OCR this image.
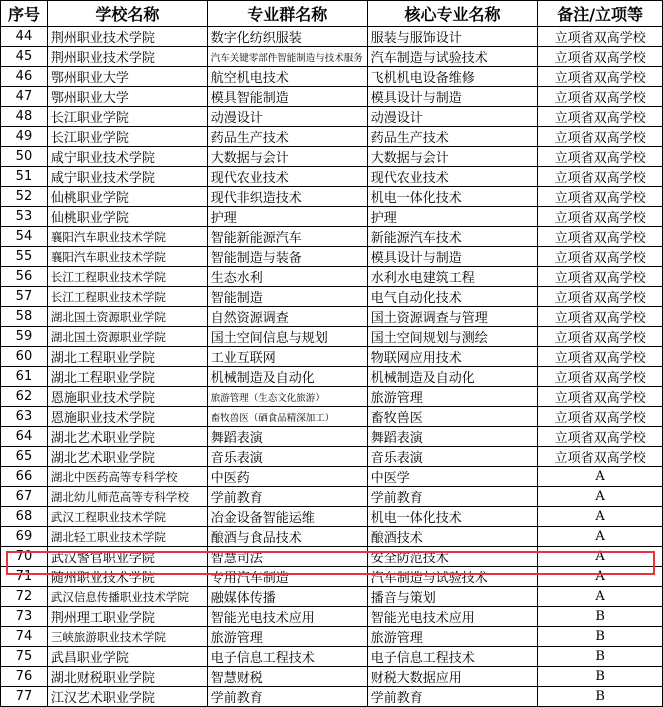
序号	学校名称	专业群名称	核心专业名称	备注/立项等
44	荆州职业技术学院	数字化纺织服装	服装与服饰设计	立项省双高学校
45	荆州职业技术学院	汽车关键零部件智能制造与技术服务	汽车制造与试验技术	立项省双高学校
46	鄂州职业大学	航空机电技术	飞机机电设备维修	立项省双高学校
47	鄂州职业大学	模具智能制造	模具设计与制造	立项省双高学校
48	长江职业学院	动漫设计	动漫设计	立项省双高学校
49	长江职业学院	药品生产技术	药品生产技术	立项省双高学校
50	咸宁职业技术学院	大数据与会计	大数据与会计	立项省双高学校
51	咸宁职业技术学院	现代农业技术	现代农业技术	立项省双高学校
52	仙桃职业学院	现代非织造技术	机电一体化技术	立项省双高学校
53	仙桃职业学院	护理	护理	立项省双高学校
54	襄阳汽车职业技术学院	智能新能源汽车	新能源汽车技术	立项省双高学校
55	襄阳汽车职业技术学院	智能制造与装备	模具设计与制造	立项省双高学校
56	长江工程职业技术学院	生态水利	水利水电建筑工程	立项省双高学校
57	长江工程职业技术学院	智能制造	电气自动化技术	立项省双高学校
58	湖北国土资源职业学院	自然资源调查	国土资源调查与管理	立项省双高学校
59	湖北国土资源职业学院	国土空间信息与规划	国土空间规划与测绘	立项省双高学校
60	湖北工程职业学院	工业互联网	物联网应用技术	立项省双高学校
61	湖北工程职业学院	机械制造及自动化	机械制造及自动化	立项省双高学校
62	恩施职业技术学院	旅游管理（生态文化旅游）	旅游管理	立项省双高学校
63	恩施职业技术学院	畜牧兽医（硒食品精深加工）	畜牧兽医	立项省双高学校
64	湖北艺术职业学院	舞蹈表演	舞蹈表演	立项省双高学校
65	湖北艺术职业学院	音乐表演	音乐表演	立项省双高学校
66	湖北中医药高等专科学校	中医药	中医学	A
67	湖北幼儿师范高等专科学校	学前教育	学前教育	A
68	武汉工程职业技术学院	冶金设备智能运维	机电一体化技术	A
69	湖北轻工职业技术学院	酿酒与食品技术	酿酒技术	A
70	武汉警官职业学院	智慧司法	安全防范技术	A
71	随州职业技术学院	专用汽车制造	汽车制造与试验技术	A
72	武汉信息传播职业技术学院	融媒体传播	播音与策划	A
73	荆州理工职业学院	智能光电技术应用	智能光电技术应用	B
74	三峡旅游职业技术学院	旅游管理	旅游管理	B
75	武昌职业学院	电子信息工程技术	电子信息工程技术	B
76	湖北财税职业学院	智慧财税	财税大数据应用	B
77	江汉艺术职业学院	学前教育	学前教育	B
